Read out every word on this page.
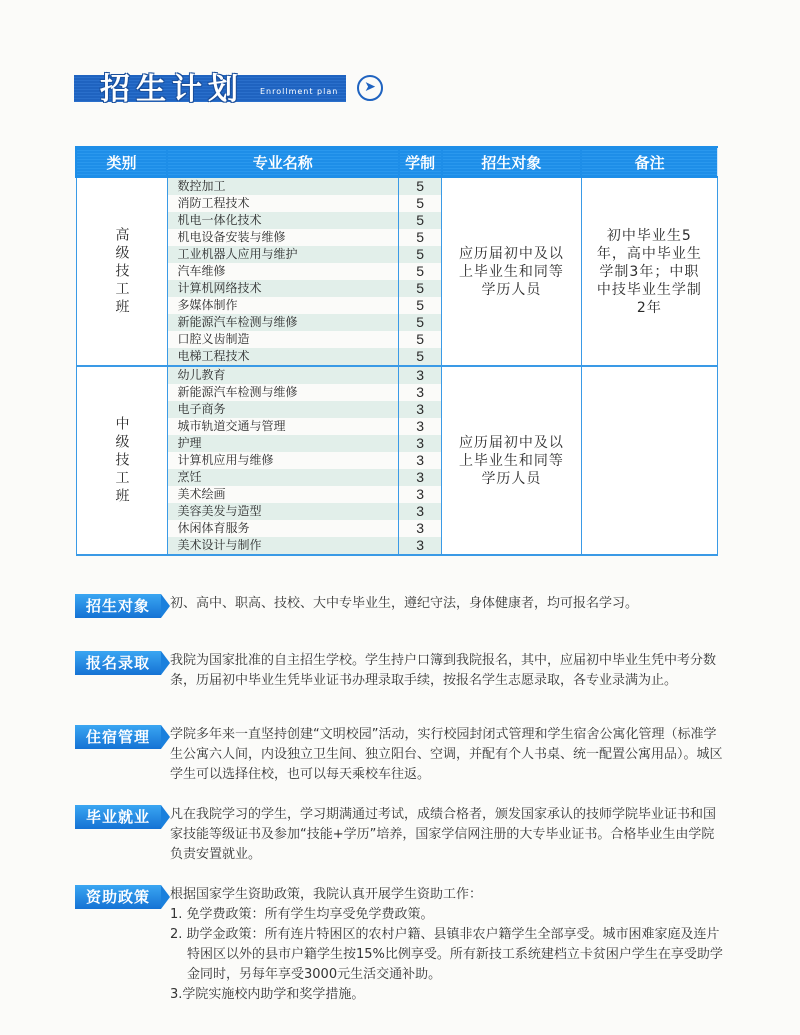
招生计划 Enrollment plan	➤
类别	专业名称	学制	招生对象	备注
高级技工班	数控加工	5	应历届初中及以上毕业生和同等学历人员	初中毕业生5年，高中毕业生学制3年；中职中技毕业生学制2年
	消防工程技术	5		
	机电一体化技术	5		
	机电设备安装与维修	5		
	工业机器人应用与维护	5		
	汽车维修	5		
	计算机网络技术	5		
	多媒体制作	5		
	新能源汽车检测与维修	5		
	口腔义齿制造	5		
	电梯工程技术	5		
中级技工班	幼儿教育	3	应历届初中及以上毕业生和同等学历人员	
	新能源汽车检测与维修	3		
	电子商务	3		
	城市轨道交通与管理	3		
	护理	3		
	计算机应用与维修	3		
	烹饪	3		
	美术绘画	3		
	美容美发与造型	3		
	休闲体育服务	3		
	美术设计与制作	3		
招生对象	初、高中、职高、技校、大中专毕业生，遵纪守法，身体健康者，均可报名学习。

报名录取	我院为国家批准的自主招生学校。学生持户口簿到我院报名，其中，应届初中毕业生凭中考分数条，历届初中毕业生凭毕业证书办理录取手续，按报名学生志愿录取，各专业录满为止。

住宿管理	学院多年来一直坚持创建“文明校园”活动，实行校园封闭式管理和学生宿舍公寓化管理（标准学生公寓六人间，内设独立卫生间、独立阳台、空调，并配有个人书桌、统一配置公寓用品）。城区学生可以选择住校，也可以每天乘校车往返。

毕业就业	凡在我院学习的学生，学习期满通过考试，成绩合格者，颁发国家承认的技师学院毕业证书和国家技能等级证书及参加“技能+学历”培养，国家学信网注册的大专毕业证书。合格毕业生由学院负责安置就业。

资助政策	根据国家学生资助政策，我院认真开展学生资助工作：

1. 免学费政策：所有学生均享受免学费政策。

2. 助学金政策：所有连片特困区的农村户籍、县镇非农户籍学生全部享受。城市困难家庭及连片特困区以外的县市户籍学生按15%比例享受。所有新技工系统建档立卡贫困户学生在享受助学金同时，另每年享受3000元生活交通补助。

3.学院实施校内助学和奖学措施。
